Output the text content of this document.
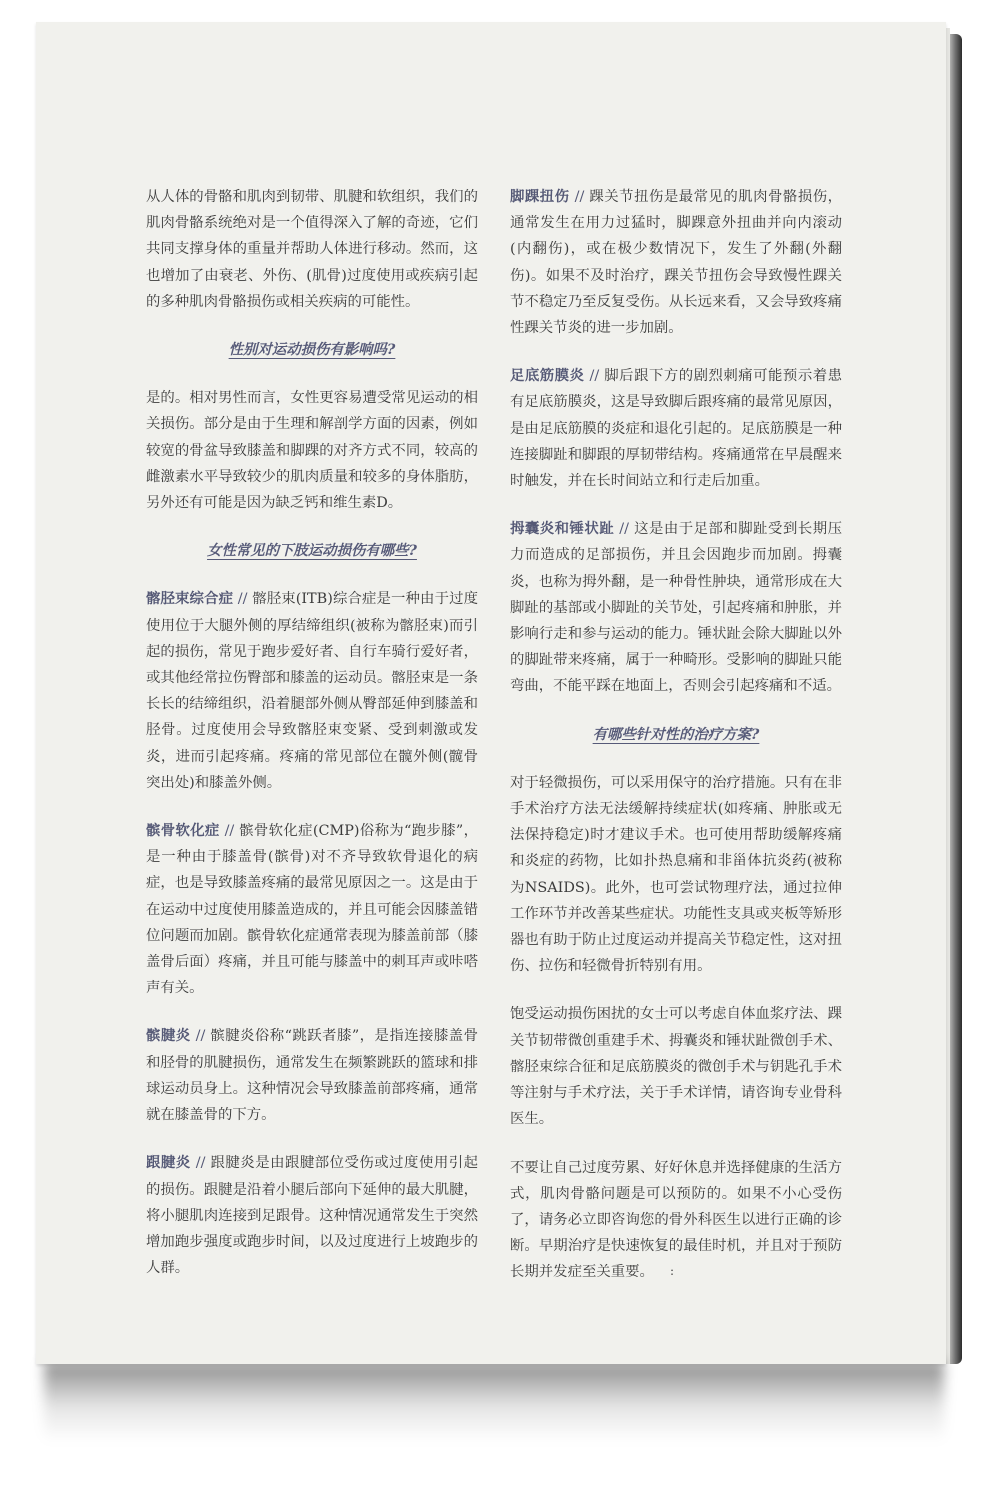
从人体的骨骼和肌肉到韧带、肌腱和软组织，我们的肌肉骨骼系统绝对是一个值得深入了解的奇迹，它们共同支撑身体的重量并帮助人体进行移动。然而，这也增加了由衰老、外伤、(肌骨)过度使用或疾病引起的多种肌肉骨骼损伤或相关疾病的可能性。

性别对运动损伤有影响吗?

是的。相对男性而言，女性更容易遭受常见运动的相关损伤。部分是由于生理和解剖学方面的因素，例如较宽的骨盆导致膝盖和脚踝的对齐方式不同，较高的雌激素水平导致较少的肌肉质量和较多的身体脂肪，另外还有可能是因为缺乏钙和维生素D。

女性常见的下肢运动损伤有哪些?

髂胫束综合症 // 髂胫束(ITB)综合症是一种由于过度使用位于大腿外侧的厚结缔组织(被称为髂胫束)而引起的损伤，常见于跑步爱好者、自行车骑行爱好者，或其他经常拉伤臀部和膝盖的运动员。髂胫束是一条长长的结缔组织，沿着腿部外侧从臀部延伸到膝盖和胫骨。过度使用会导致髂胫束变紧、受到刺激或发炎，进而引起疼痛。疼痛的常见部位在髋外侧(髋骨突出处)和膝盖外侧。

髌骨软化症 // 髌骨软化症(CMP)俗称为“跑步膝”，是一种由于膝盖骨(髌骨)对不齐导致软骨退化的病症，也是导致膝盖疼痛的最常见原因之一。这是由于在运动中过度使用膝盖造成的，并且可能会因膝盖错位问题而加剧。髌骨软化症通常表现为膝盖前部（膝盖骨后面）疼痛，并且可能与膝盖中的刺耳声或咔嗒声有关。

髌腱炎 // 髌腱炎俗称“跳跃者膝”，是指连接膝盖骨和胫骨的肌腱损伤，通常发生在频繁跳跃的篮球和排球运动员身上。这种情况会导致膝盖前部疼痛，通常就在膝盖骨的下方。

跟腱炎 // 跟腱炎是由跟腱部位受伤或过度使用引起的损伤。跟腱是沿着小腿后部向下延伸的最大肌腱，将小腿肌肉连接到足跟骨。这种情况通常发生于突然增加跑步强度或跑步时间，以及过度进行上坡跑步的人群。

脚踝扭伤 // 踝关节扭伤是最常见的肌肉骨骼损伤，通常发生在用力过猛时，脚踝意外扭曲并向内滚动(内翻伤)，或在极少数情况下，发生了外翻(外翻伤)。如果不及时治疗，踝关节扭伤会导致慢性踝关节不稳定乃至反复受伤。从长远来看，又会导致疼痛性踝关节炎的进一步加剧。

足底筋膜炎 // 脚后跟下方的剧烈刺痛可能预示着患有足底筋膜炎，这是导致脚后跟疼痛的最常见原因，是由足底筋膜的炎症和退化引起的。足底筋膜是一种连接脚趾和脚跟的厚韧带结构。疼痛通常在早晨醒来时触发，并在长时间站立和行走后加重。

拇囊炎和锤状趾 // 这是由于足部和脚趾受到长期压力而造成的足部损伤，并且会因跑步而加剧。拇囊炎，也称为拇外翻，是一种骨性肿块，通常形成在大脚趾的基部或小脚趾的关节处，引起疼痛和肿胀，并影响行走和参与运动的能力。锤状趾会除大脚趾以外的脚趾带来疼痛，属于一种畸形。受影响的脚趾只能弯曲，不能平踩在地面上，否则会引起疼痛和不适。

有哪些针对性的治疗方案?

对于轻微损伤，可以采用保守的治疗措施。只有在非手术治疗方法无法缓解持续症状(如疼痛、肿胀或无法保持稳定)时才建议手术。也可使用帮助缓解疼痛和炎症的药物，比如扑热息痛和非甾体抗炎药(被称为NSAIDS)。此外，也可尝试物理疗法，通过拉伸工作环节并改善某些症状。功能性支具或夹板等矫形器也有助于防止过度运动并提高关节稳定性，这对扭伤、拉伤和轻微骨折特别有用。

饱受运动损伤困扰的女士可以考虑自体血浆疗法、踝关节韧带微创重建手术、拇囊炎和锤状趾微创手术、髂胫束综合征和足底筋膜炎的微创手术与钥匙孔手术等注射与手术疗法，关于手术详情，请咨询专业骨科医生。

不要让自己过度劳累、好好休息并选择健康的生活方式，肌肉骨骼问题是可以预防的。如果不小心受伤了，请务必立即咨询您的骨外科医生以进行正确的诊断。早期治疗是快速恢复的最佳时机，并且对于预防长期并发症至关重要。	:
